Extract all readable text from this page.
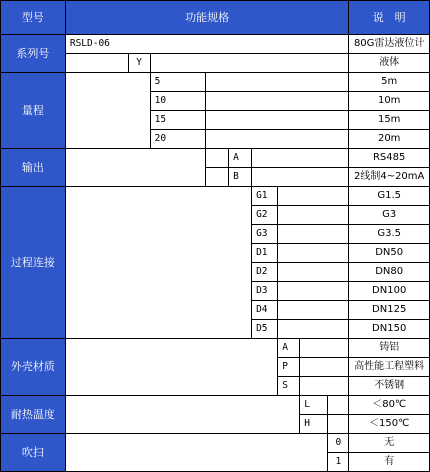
型号	功能规格									说　明
系列号	RSLD-06									80G雷达液位计
		Y								液体
量程			5							5m
			10							10m
			15							15m
			20							20m
输出					A					RS485
					B					2线制4~20mA
过程连接						G1				G1.5
						G2				G3
						G3				G3.5
						D1				DN50
						D2				DN80
						D3				DN100
						D4				DN125
						D5				DN150
外壳材质							A			铸铝
							P			高性能工程塑料
							S			不锈钢
耐热温度								L		＜80℃
								H		＜150℃
吹扫									0	无
									1	有
